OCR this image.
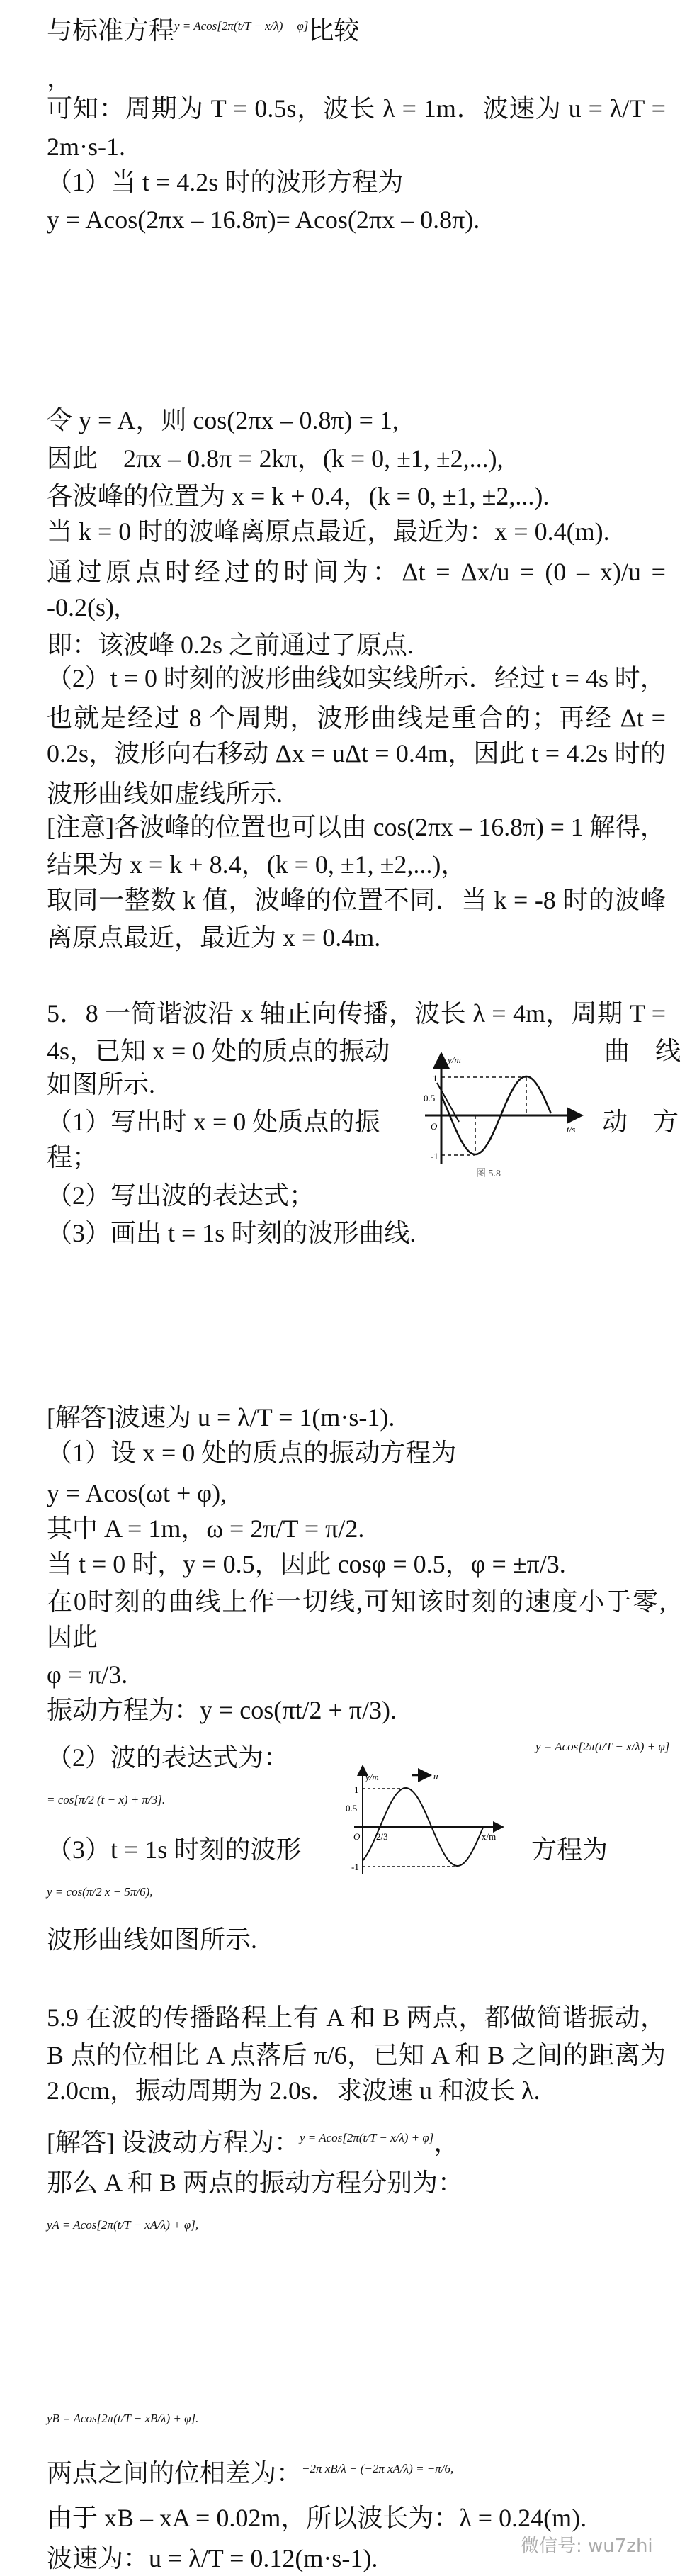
与标准方程$^{y = Acos[2\pi(t/T - x/\lambda) + \varphi]}$比较
，
可知：周期为 T = 0.5s，波长 λ = 1m．波速为 u = λ/T =
2m·s-1.
（1）当 t = 4.2s 时的波形方程为
y = Acos(2πx – 16.8π)= Acos(2πx – 0.8π).
令 y = A，则 cos(2πx – 0.8π) = 1,
因此　2πx – 0.8π = 2kπ，(k = 0, ±1, ±2,...),
各波峰的位置为 x = k + 0.4，(k = 0, ±1, ±2,...).
当 k = 0 时的波峰离原点最近，最近为：x = 0.4(m).
通过原点时经过的时间为：Δt = Δx/u = (0 – x)/u =
-0.2(s),
即：该波峰 0.2s 之前通过了原点.
（2）t = 0 时刻的波形曲线如实线所示．经过 t = 4s 时，
也就是经过 8 个周期，波形曲线是重合的；再经 Δt =
0.2s，波形向右移动 Δx = uΔt = 0.4m，因此 t = 4.2s 时的
波形曲线如虚线所示.
[注意]各波峰的位置也可以由 cos(2πx – 16.8π) = 1 解得，
结果为 x = k + 8.4，(k = 0, ±1, ±2,...)，
取同一整数 k 值，波峰的位置不同．当 k = -8 时的波峰
离原点最近，最近为 x = 0.4m.
5．8 一简谐波沿 x 轴正向传播，波长 λ = 4m，周期 T =
4s，已知 x = 0 处的质点的振动	曲　线
如图所示.
（1）写出时 x = 0 处质点的振	动　方
程；
（2）写出波的表达式；
（3）画出 t = 1s 时刻的波形曲线.
y/m
1
0.5
O	t/s
-1
图 5.8
u
y/m
1
0.5
O 2/3	x/m
-1
[解答]波速为 u = λ/T = 1(m·s-1).
（1）设 x = 0 处的质点的振动方程为
y = Acos(ωt + φ),
其中 A = 1m，ω = 2π/T = π/2.
当 t = 0 时，y = 0.5，因此 cosφ = 0.5，φ = ±π/3.
在0时刻的曲线上作一切线,可知该时刻的速度小于零,
因此
φ = π/3.
振动方程为：y = cos(πt/2 + π/3).
（2）波的表达式为：	y = Acos[2π(t/T − x/λ) + φ]
= cos[π/2 (t − x) + π/3].
（3）t = 1s 时刻的波形	方程为
y = cos(π/2 x − 5π/6),
波形曲线如图所示.
5.9 在波的传播路程上有 A 和 B 两点，都做简谐振动，
B 点的位相比 A 点落后 π/6，已知 A 和 B 之间的距离为
2.0cm，振动周期为 2.0s．求波速 u 和波长 λ.
[解答] 设波动方程为：$^{y = Acos[2\pi(t/T - x/\lambda) + \varphi]}$，
那么 A 和 B 两点的振动方程分别为：
yA = Acos[2π(t/T − xA/λ) + φ],
yB = Acos[2π(t/T − xB/λ) + φ].
两点之间的位相差为：$^{-2\pi xB/\lambda - (-2\pi xA/\lambda) = -\pi/6,}$
由于 xB – xA = 0.02m，所以波长为：λ = 0.24(m).
波速为：u = λ/T = 0.12(m·s-1).	微信号: wu7zhi
